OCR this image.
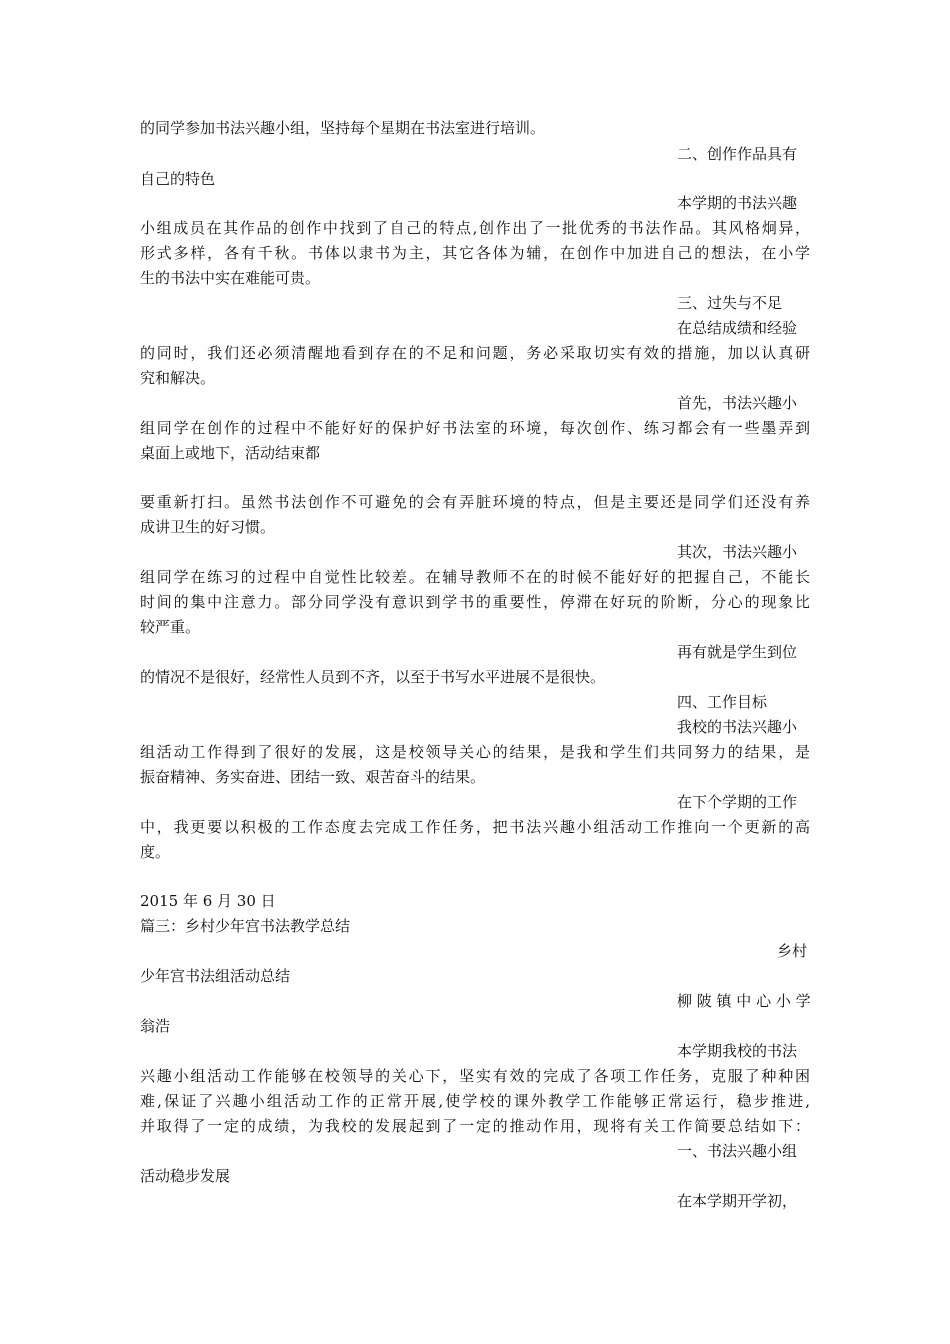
的同学参加书法兴趣小组，坚持每个星期在书法室进行培训。
二、创作作品具有
自己的特色
本学期的书法兴趣
小组成员在其作品的创作中找到了自己的特点,创作出了一批优秀的书法作品。其风格炯异，
形式多样，各有千秋。书体以隶书为主，其它各体为辅，在创作中加进自己的想法，在小学
生的书法中实在难能可贵。
三、过失与不足
在总结成绩和经验
的同时，我们还必须清醒地看到存在的不足和问题，务必采取切实有效的措施，加以认真研
究和解决。
首先，书法兴趣小
组同学在创作的过程中不能好好的保护好书法室的环境，每次创作、练习都会有一些墨弄到
桌面上或地下，活动结束都
要重新打扫。虽然书法创作不可避免的会有弄脏环境的特点，但是主要还是同学们还没有养
成讲卫生的好习惯。
其次，书法兴趣小
组同学在练习的过程中自觉性比较差。在辅导教师不在的时候不能好好的把握自己，不能长
时间的集中注意力。部分同学没有意识到学书的重要性，停滞在好玩的阶断，分心的现象比
较严重。
再有就是学生到位
的情况不是很好，经常性人员到不齐，以至于书写水平进展不是很快。
四、工作目标
我校的书法兴趣小
组活动工作得到了很好的发展，这是校领导关心的结果，是我和学生们共同努力的结果，是
振奋精神、务实奋进、团结一致、艰苦奋斗的结果。
在下个学期的工作
中，我更要以积极的工作态度去完成工作任务，把书法兴趣小组活动工作推向一个更新的高
度。
2015 年 6 月 30 日
篇三：乡村少年宫书法教学总结
乡村
少年宫书法组活动总结
柳 陂 镇 中 心 小 学
翁浩
本学期我校的书法
兴趣小组活动工作能够在校领导的关心下，坚实有效的完成了各项工作任务，克服了种种困
难,保证了兴趣小组活动工作的正常开展,使学校的课外教学工作能够正常运行，稳步推进,
并取得了一定的成绩，为我校的发展起到了一定的推动作用，现将有关工作简要总结如下：
一、书法兴趣小组
活动稳步发展
在本学期开学初，
